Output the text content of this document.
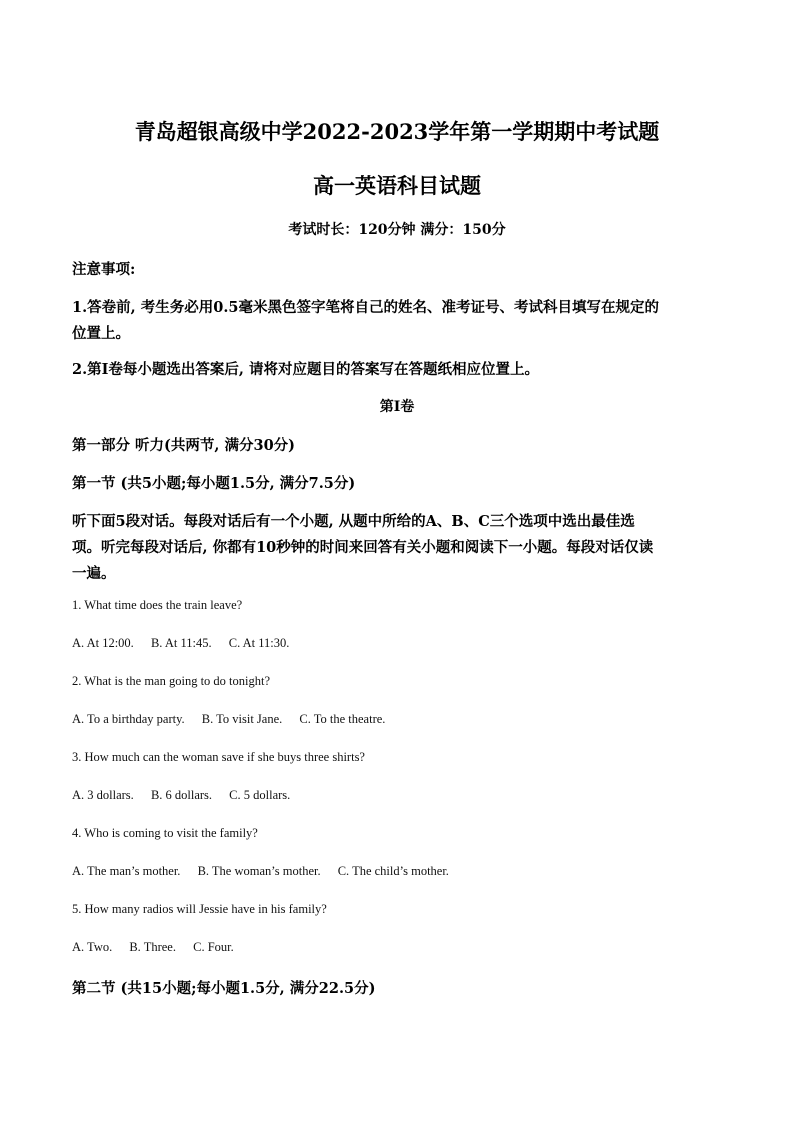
青岛超银高级中学2022-2023学年第一学期期中考试题
高一英语科目试题
考试时长：120分钟 满分：150分
注意事项:
1.答卷前, 考生务必用0.5毫米黑色签字笔将自己的姓名、准考证号、考试科目填写在规定的
位置上。
2.第Ⅰ卷每小题选出答案后, 请将对应题目的答案写在答题纸相应位置上。
第Ⅰ卷
第一部分 听力(共两节, 满分30分)
第一节 (共5小题;每小题1.5分, 满分7.5分)
听下面5段对话。每段对话后有一个小题, 从题中所给的A、B、C三个选项中选出最佳选
项。听完每段对话后, 你都有10秒钟的时间来回答有关小题和阅读下一小题。每段对话仅读
一遍。
1. What time does the train leave?
A. At 12:00. B. At 11:45. C. At 11:30.
2. What is the man going to do tonight?
A. To a birthday party. B. To visit Jane. C. To the theatre.
3. How much can the woman save if she buys three shirts?
A. 3 dollars. B. 6 dollars. C. 5 dollars.
4. Who is coming to visit the family?
A. The man’s mother. B. The woman’s mother. C. The child’s mother.
5. How many radios will Jessie have in his family?
A. Two. B. Three. C. Four.
第二节 (共15小题;每小题1.5分, 满分22.5分)
